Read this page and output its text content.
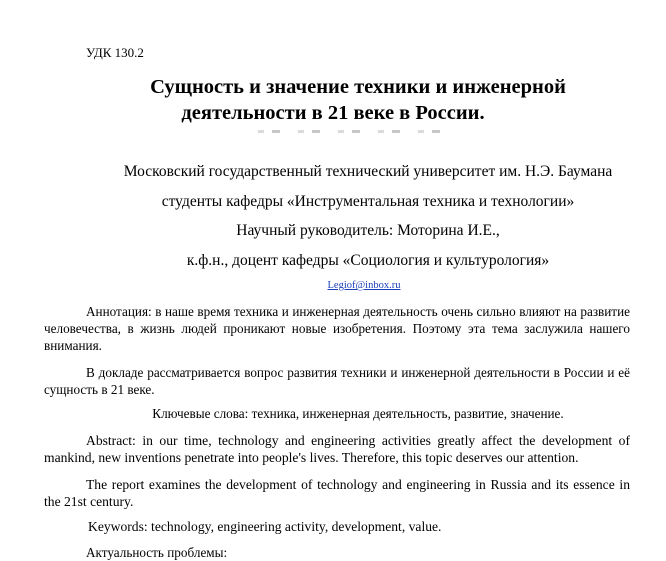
УДК 130.2
Сущность и значение техники и инженерной
деятельности в 21 веке в России.
Московский государственный технический университет им. Н.Э. Баумана
студенты кафедры «Инструментальная техника и технологии»
Научный руководитель: Моторина И.Е.,
к.ф.н., доцент кафедры «Социология и культурология»
Legiof@inbox.ru
Аннотация: в наше время техника и инженерная деятельность очень сильно влияют на развитие человечества, в жизнь людей проникают новые изобретения. Поэтому эта тема заслужила нашего внимания.
В докладе рассматривается вопрос развития техники и инженерной деятельности в России и её сущность в 21 веке.
Ключевые слова: техника, инженерная деятельность, развитие, значение.
Abstract: in our time, technology and engineering activities greatly affect the development of mankind, new inventions penetrate into people's lives. Therefore, this topic deserves our attention.
The report examines the development of technology and engineering in Russia and its essence in the 21st century.
Keywords: technology, engineering activity, development, value.
Актуальность проблемы:
